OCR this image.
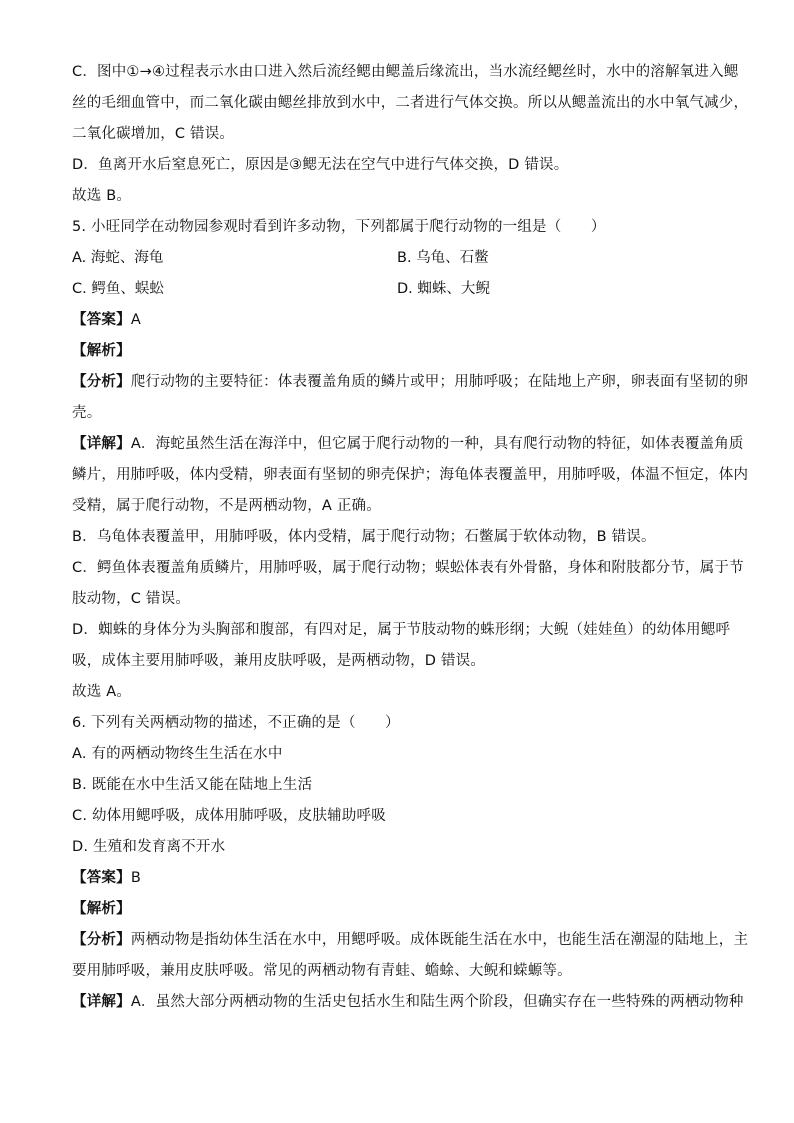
C．图中①→④过程表示水由口进入然后流经鳃由鳃盖后缘流出，当水流经鳃丝时，水中的溶解氧进入鳃
丝的毛细血管中，而二氧化碳由鳃丝排放到水中，二者进行气体交换。所以从鳃盖流出的水中氧气减少，
二氧化碳增加，C 错误。
D．鱼离开水后窒息死亡，原因是③鳃无法在空气中进行气体交换，D 错误。
故选 B。
5. 小旺同学在动物园参观时看到许多动物，下列都属于爬行动物的一组是（　　）
A. 海蛇、海龟	B. 乌龟、石鳖
C. 鳄鱼、蜈蚣	D. 蜘蛛、大鲵
【答案】A
【解析】
【分析】爬行动物的主要特征：体表覆盖角质的鳞片或甲；用肺呼吸；在陆地上产卵，卵表面有坚韧的卵
壳。
【详解】A．海蛇虽然生活在海洋中，但它属于爬行动物的一种，具有爬行动物的特征，如体表覆盖角质
鳞片，用肺呼吸，体内受精，卵表面有坚韧的卵壳保护；海龟体表覆盖甲，用肺呼吸，体温不恒定，体内
受精，属于爬行动物，不是两栖动物，A 正确。
B．乌龟体表覆盖甲，用肺呼吸，体内受精，属于爬行动物；石鳖属于软体动物，B 错误。
C．鳄鱼体表覆盖角质鳞片，用肺呼吸，属于爬行动物；蜈蚣体表有外骨骼，身体和附肢都分节，属于节
肢动物，C 错误。
D．蜘蛛的身体分为头胸部和腹部，有四对足，属于节肢动物的蛛形纲；大鲵（娃娃鱼）的幼体用鳃呼
吸，成体主要用肺呼吸，兼用皮肤呼吸，是两栖动物，D 错误。
故选 A。
6. 下列有关两栖动物的描述，不正确的是（　　）
A. 有的两栖动物终生生活在水中
B. 既能在水中生活又能在陆地上生活
C. 幼体用鳃呼吸，成体用肺呼吸，皮肤辅助呼吸
D. 生殖和发育离不开水
【答案】B
【解析】
【分析】两栖动物是指幼体生活在水中，用鳃呼吸。成体既能生活在水中，也能生活在潮湿的陆地上，主
要用肺呼吸，兼用皮肤呼吸。常见的两栖动物有青蛙、蟾蜍、大鲵和蝾螈等。
【详解】A．虽然大部分两栖动物的生活史包括水生和陆生两个阶段，但确实存在一些特殊的两栖动物种
